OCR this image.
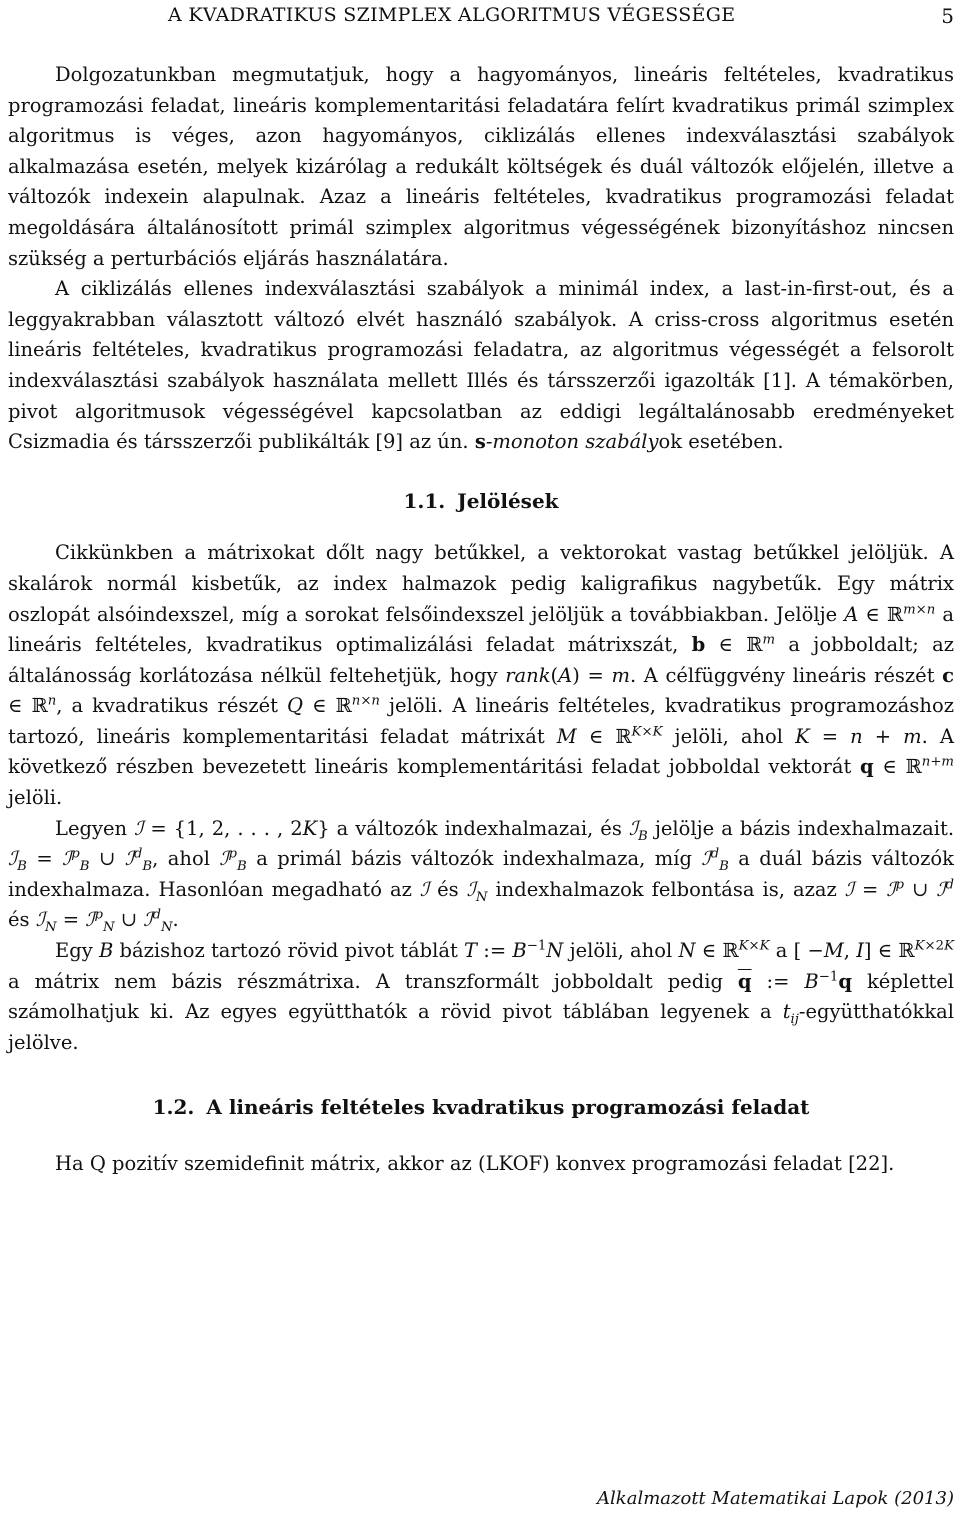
A KVADRATIKUS SZIMPLEX ALGORITMUS VÉGESSÉGE	5

Dolgozatunkban megmutatjuk, hogy a hagyományos, lineáris feltételes, kvadratikus programozási feladat, lineáris komplementaritási feladatára felírt kvadratikus primál szimplex algoritmus is véges, azon hagyományos, ciklizálás ellenes indexválasztási szabályok alkalmazása esetén, melyek kizárólag a redukált költségek és duál változók előjelén, illetve a változók indexein alapulnak. Azaz a lineáris feltételes, kvadratikus programozási feladat megoldására általánosított primál szimplex algoritmus végességének bizonyításhoz nincsen szükség a perturbációs eljárás használatára.

A ciklizálás ellenes indexválasztási szabályok a minimál index, a last-in-first-out, és a leggyakrabban választott változó elvét használó szabályok. A criss-cross algoritmus esetén lineáris feltételes, kvadratikus programozási feladatra, az algoritmus végességét a felsorolt indexválasztási szabályok használata mellett Illés és társszerzői igazolták [1]. A témakörben, pivot algoritmusok végességével kapcsolatban az eddigi legáltalánosabb eredményeket Csizmadia és társszerzői publikálták [9] az ún. s-monoton szabályok esetében.

1.1. Jelölések

Cikkünkben a mátrixokat dőlt nagy betűkkel, a vektorokat vastag betűkkel jelöljük. A skalárok normál kisbetűk, az index halmazok pedig kaligrafikus nagybetűk. Egy mátrix oszlopát alsóindexszel, míg a sorokat felsőindexszel jelöljük a továbbiakban. Jelölje A ∈ ℝ$^{m\times n}$ a lineáris feltételes, kvadratikus optimalizálási feladat mátrixszát, b ∈ ℝ$^m$ a jobboldalt; az általánosság korlátozása nélkül feltehetjük, hogy rank(A) = m. A célfüggvény lineáris részét c ∈ ℝ$^n$, a kvadratikus részét Q ∈ ℝ$^{n\times n}$ jelöli. A lineáris feltételes, kvadratikus programozáshoz tartozó, lineáris komplementaritási feladat mátrixát M ∈ ℝ$^{K\times K}$ jelöli, ahol K = n + m. A következő részben bevezetett lineáris komplementáritási feladat jobboldal vektorát q ∈ ℝ$^{n+m}$ jelöli.

Legyen ℐ = {1, 2, . . . , 2K} a változók indexhalmazai, és ℐ$_B$ jelölje a bázis indexhalmazait. ℐ$_B$ = ℐ$^p_B$ ∪ ℐ$^d_B$, ahol ℐ$^p_B$ a primál bázis változók indexhalmaza, míg ℐ$^d_B$ a duál bázis változók indexhalmaza. Hasonlóan megadható az ℐ és ℐ$_N$ indexhalmazok felbontása is, azaz ℐ = ℐ$^p$ ∪ ℐ$^d$ és ℐ$_N$ = ℐ$^p_N$ ∪ ℐ$^d_N$.

Egy B bázishoz tartozó rövid pivot táblát T := $B^{-1}N$ jelöli, ahol N ∈ ℝ$^{K\times K}$ a [ −M, I] ∈ ℝ$^{K\times 2K}$ a mátrix nem bázis részmátrixa. A transzformált jobboldalt pedig $\overline{q}$ := $B^{-1}q$ képlettel számolhatjuk ki. Az egyes együtthatók a rövid pivot táblában legyenek a $t_{ij}$-együtthatókkal jelölve.

1.2. A lineáris feltételes kvadratikus programozási feladat

Ha Q pozitív szemidefinit mátrix, akkor az (LKOF) konvex programozási feladat [22].

Alkalmazott Matematikai Lapok (2013)
